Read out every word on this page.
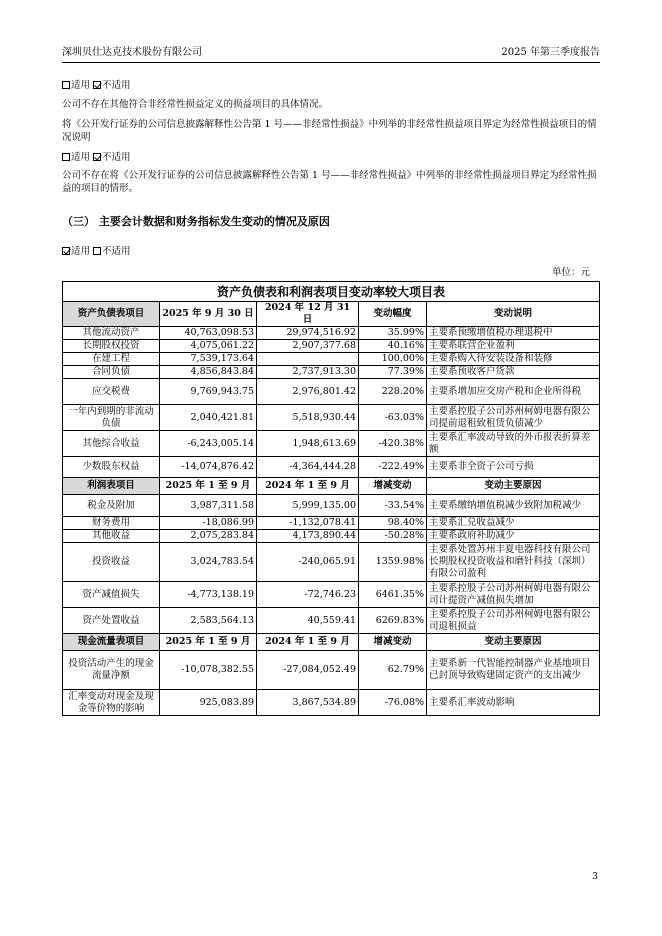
深圳贝仕达克技术股份有限公司	2025 年第三季度报告
适用 不适用
公司不存在其他符合非经常性损益定义的损益项目的具体情况。
将《公开发行证券的公司信息披露解释性公告第 1 号——非经常性损益》中列举的非经常性损益项目界定为经常性损益项目的情况说明
适用 不适用
公司不存在将《公开发行证券的公司信息披露解释性公告第 1 号——非经常性损益》中列举的非经常性损益项目界定为经常性损益的项目的情形。
（三） 主要会计数据和财务指标发生变动的情况及原因
适用 不适用
单位：元
资产负债表和利润表项目变动率较大项目表				
资产负债表项目	2025 年 9 月 30 日	2024 年 12 月 31 日	变动幅度	变动说明
其他流动资产	40,763,098.53	29,974,516.92	35.99%	主要系预缴增值税办理退税中
长期股权投资	4,075,061.22	2,907,377.68	40.16%	主要系联营企业盈利
在建工程	7,539,173.64		100.00%	主要系购入待安装设备和装修
合同负债	4,856,843.84	2,737,913.30	77.39%	主要系预收客户货款
应交税费	9,769,943.75	2,976,801.42	228.20%	主要系增加应交房产税和企业所得税
一年内到期的非流动负债	2,040,421.81	5,518,930.44	-63.03%	主要系控股子公司苏州柯姆电器有限公司提前退租致租赁负债减少
其他综合收益	-6,243,005.14	1,948,613.69	-420.38%	主要系汇率波动导致的外币报表折算差额
少数股东权益	-14,074,876.42	-4,364,444.28	-222.49%	主要系非全资子公司亏损
利润表项目	2025 年 1 至 9 月	2024 年 1 至 9 月	增减变动	变动主要原因
税金及附加	3,987,311.58	5,999,135.00	-33.54%	主要系缴纳增值税减少致附加税减少
财务费用	-18,086.99	-1,132,078.41	98.40%	主要系汇兑收益减少
其他收益	2,075,283.84	4,173,890.44	-50.28%	主要系政府补助减少
投资收益	3,024,783.54	-240,065.91	1359.98%	主要系处置苏州丰夏电器科技有限公司长期股权投资收益和磨针科技（深圳）有限公司盈利
资产减值损失	-4,773,138.19	-72,746.23	6461.35%	主要系控股子公司苏州柯姆电器有限公司计提资产减值损失增加
资产处置收益	2,583,564.13	40,559.41	6269.83%	主要系控股子公司苏州柯姆电器有限公司退租损益
现金流量表项目	2025 年 1 至 9 月	2024 年 1 至 9 月	增减变动	变动主要原因
投资活动产生的现金流量净额	-10,078,382.55	-27,084,052.49	62.79%	主要系新一代智能控制器产业基地项目已封顶导致购建固定资产的支出减少
汇率变动对现金及现金等价物的影响	925,083.89	3,867,534.89	-76.08%	主要系汇率波动影响
3
